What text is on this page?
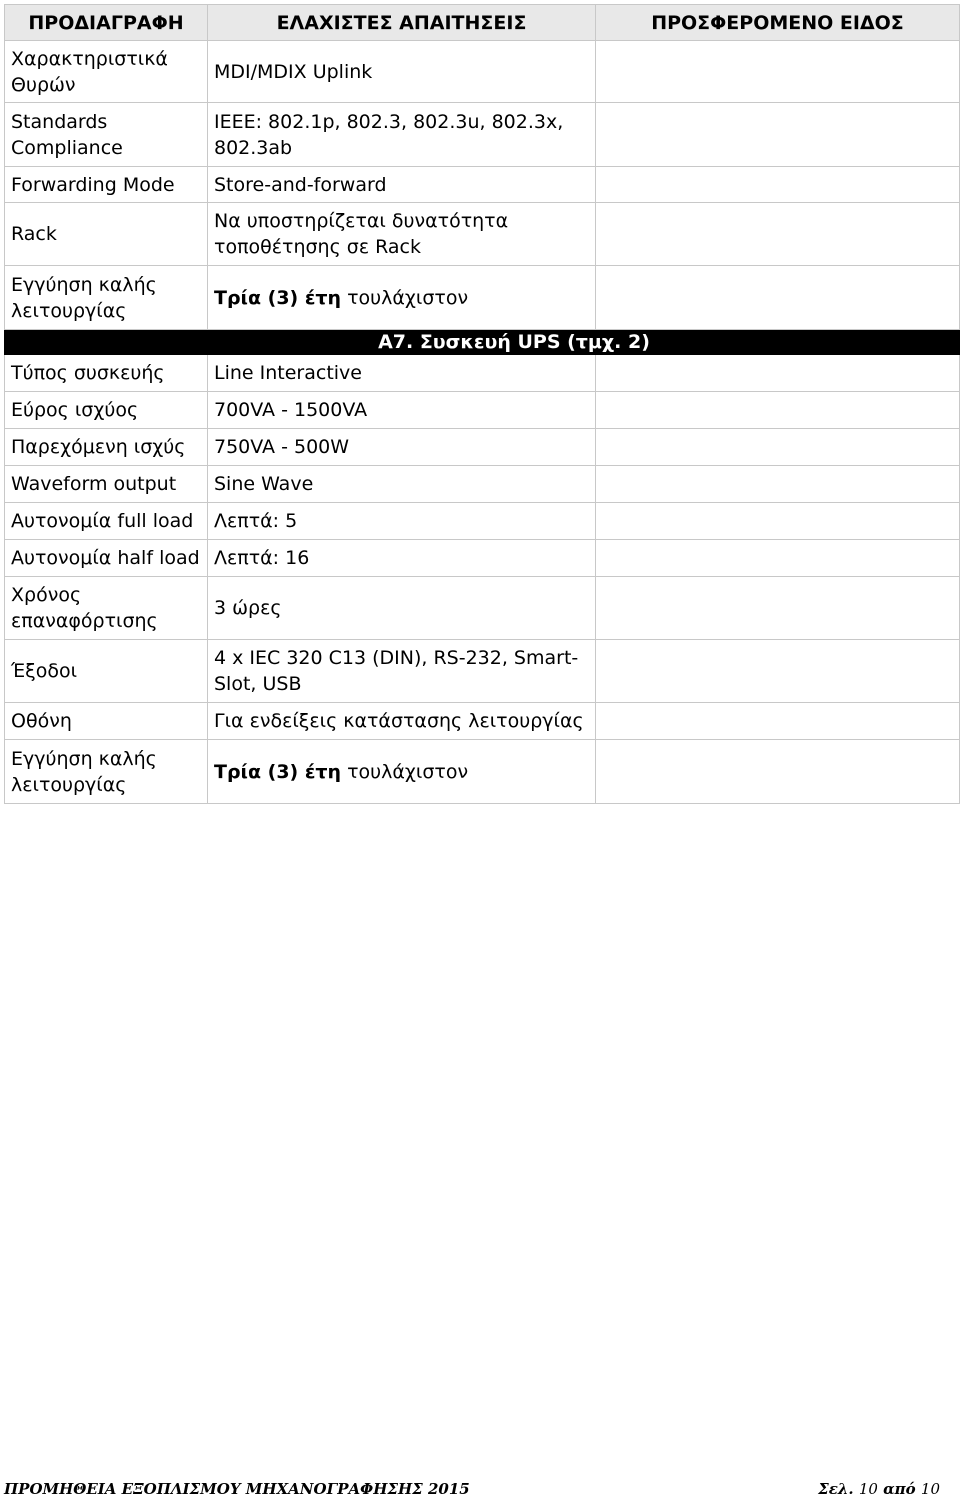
ΠΡΟΔΙΑΓΡΑΦΗ	ΕΛΑΧΙΣΤΕΣ ΑΠΑΙΤΗΣΕΙΣ	ΠΡΟΣΦΕΡΟΜΕΝΟ ΕΙΔΟΣ
Χαρακτηριστικά Θυρών	MDI/MDIX Uplink	
Standards Compliance	IEEE: 802.1p, 802.3, 802.3u, 802.3x, 802.3ab	
Forwarding Mode	Store-and-forward	
Rack	Να υποστηρίζεται δυνατότητα τοποθέτησης σε Rack	
Εγγύηση καλής λειτουργίας	Τρία (3) έτη τουλάχιστον	
Α7. Συσκευή UPS (τμχ. 2)		
Τύπος συσκευής	Line Interactive	
Εύρος ισχύος	700VA - 1500VA	
Παρεχόμενη ισχύς	750VA - 500W	
Waveform output	Sine Wave	
Αυτονομία full load	Λεπτά: 5	
Αυτονομία half load	Λεπτά: 16	
Χρόνος επαναφόρτισης	3 ώρες	
Έξοδοι	4 x IEC 320 C13 (DIN), RS-232, Smart-Slot, USB	
Οθόνη	Για ενδείξεις κατάστασης λειτουργίας	
Εγγύηση καλής λειτουργίας	Τρία (3) έτη τουλάχιστον	
ΠΡΟΜΗΘΕΙΑ ΕΞΟΠΛΙΣΜΟΥ ΜΗΧΑΝΟΓΡΑΦΗΣΗΣ 2015	Σελ. 10 από 10
